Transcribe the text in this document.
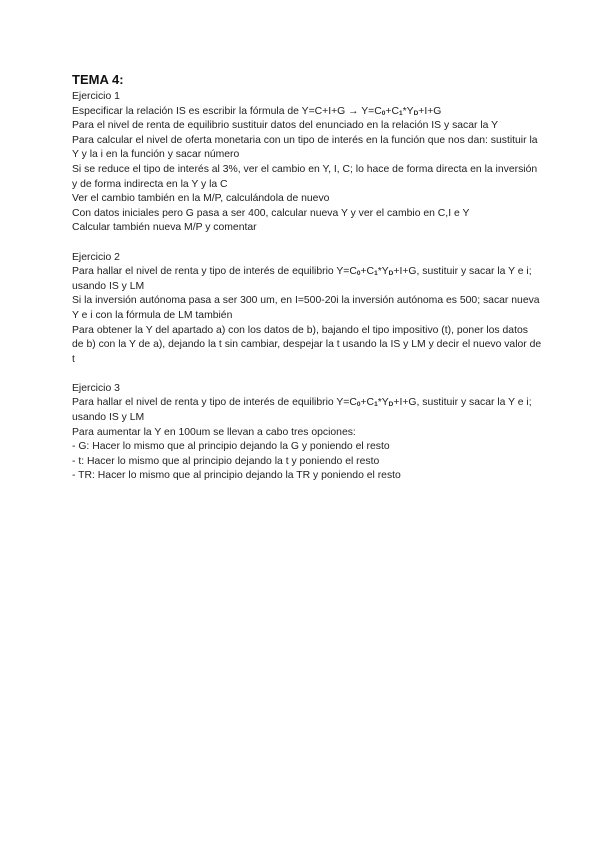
TEMA 4:

Ejercicio 1

Especificar la relación IS es escribir la fórmula de $Y=C+I+G \to Y=C_0+C_1*Y_D+I+G$

Para el nivel de renta de equilibrio sustituir datos del enunciado en la relación IS y sacar la Y

Para calcular el nivel de oferta monetaria con un tipo de interés en la función que nos dan: sustituir la Y y la i en la función y sacar número

Si se reduce el tipo de interés al 3%, ver el cambio en Y, I, C; lo hace de forma directa en la inversión y de forma indirecta en la Y y la C

Ver el cambio también en la M/P, calculándola de nuevo

Con datos iniciales pero G pasa a ser 400, calcular nueva Y y ver el cambio en C,I e Y

Calcular también nueva M/P y comentar

Ejercicio 2

Para hallar el nivel de renta y tipo de interés de equilibrio $Y=C_0+C_1*Y_D+I+G$, sustituir y sacar la Y e i; usando IS y LM

Si la inversión autónoma pasa a ser 300 um, en I=500-20i la inversión autónoma es 500; sacar nueva Y e i con la fórmula de LM también

Para obtener la Y del apartado a) con los datos de b), bajando el tipo impositivo (t), poner los datos de b) con la Y de a), dejando la t sin cambiar, despejar la t usando la IS y LM y decir el nuevo valor de t

Ejercicio 3

Para hallar el nivel de renta y tipo de interés de equilibrio $Y=C_0+C_1*Y_D+I+G$, sustituir y sacar la Y e i; usando IS y LM

Para aumentar la Y en 100um se llevan a cabo tres opciones:

- G: Hacer lo mismo que al principio dejando la G y poniendo el resto

- t: Hacer lo mismo que al principio dejando la t y poniendo el resto

- TR: Hacer lo mismo que al principio dejando la TR y poniendo el resto
